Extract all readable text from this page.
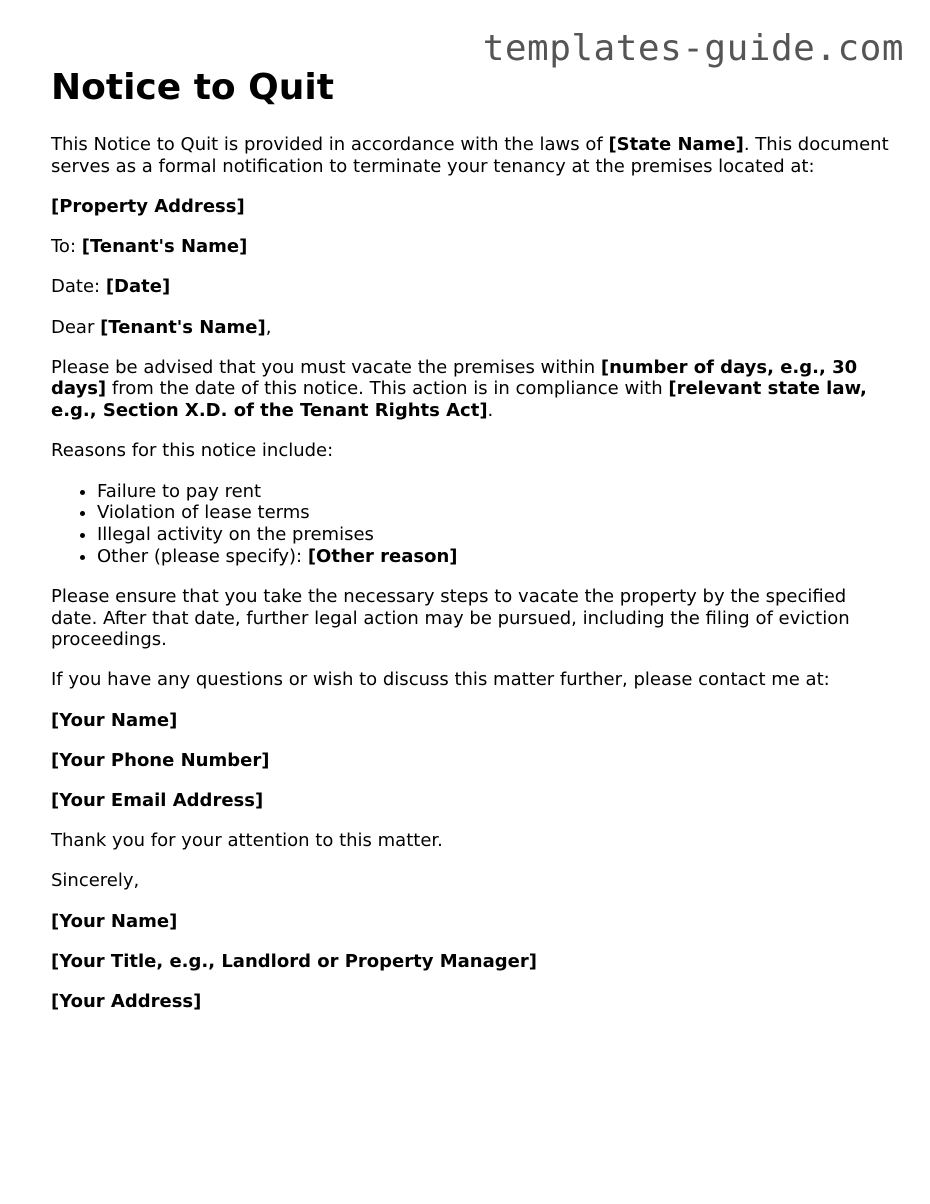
templates-guide.com
Notice to Quit

This Notice to Quit is provided in accordance with the laws of [State Name]. This document serves as a formal notification to terminate your tenancy at the premises located at:

[Property Address]

To: [Tenant's Name]

Date: [Date]

Dear [Tenant's Name],

Please be advised that you must vacate the premises within [number of days, e.g., 30 days] from the date of this notice. This action is in compliance with [relevant state law, e.g., Section X.D. of the Tenant Rights Act].

Reasons for this notice include:

• Failure to pay rent
• Violation of lease terms
• Illegal activity on the premises
• Other (please specify): [Other reason]

Please ensure that you take the necessary steps to vacate the property by the specified date. After that date, further legal action may be pursued, including the filing of eviction proceedings.

If you have any questions or wish to discuss this matter further, please contact me at:

[Your Name]

[Your Phone Number]

[Your Email Address]

Thank you for your attention to this matter.

Sincerely,

[Your Name]

[Your Title, e.g., Landlord or Property Manager]

[Your Address]
